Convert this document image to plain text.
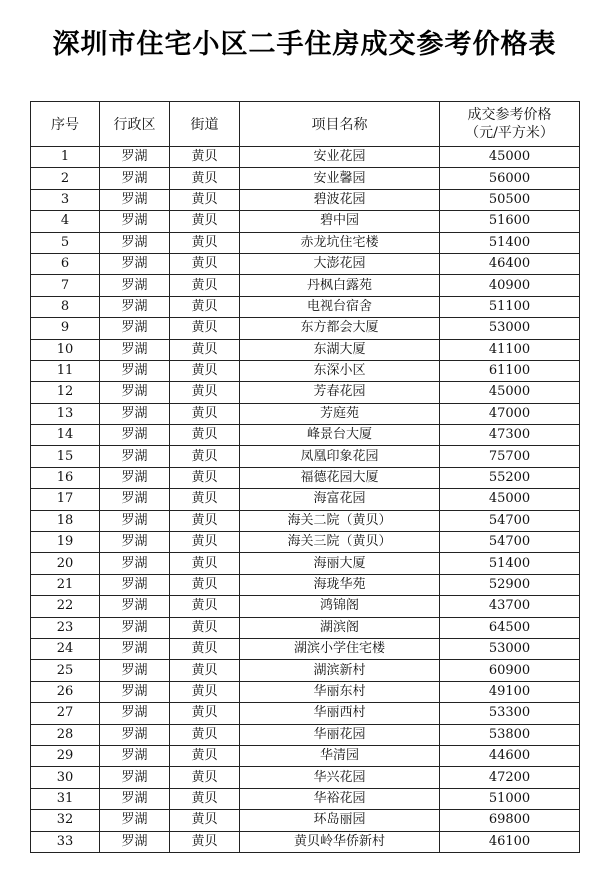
深圳市住宅小区二手住房成交参考价格表
序号	行政区	街道	项目名称	成交参考价格
（元/平方米）

1	罗湖	黄贝	安业花园	45000
2	罗湖	黄贝	安业馨园	56000
3	罗湖	黄贝	碧波花园	50500
4	罗湖	黄贝	碧中园	51600
5	罗湖	黄贝	赤龙坑住宅楼	51400
6	罗湖	黄贝	大澎花园	46400
7	罗湖	黄贝	丹枫白露苑	40900
8	罗湖	黄贝	电视台宿舍	51100
9	罗湖	黄贝	东方都会大厦	53000
10	罗湖	黄贝	东湖大厦	41100
11	罗湖	黄贝	东深小区	61100
12	罗湖	黄贝	芳春花园	45000
13	罗湖	黄贝	芳庭苑	47000
14	罗湖	黄贝	峰景台大厦	47300
15	罗湖	黄贝	凤凰印象花园	75700
16	罗湖	黄贝	福德花园大厦	55200
17	罗湖	黄贝	海富花园	45000
18	罗湖	黄贝	海关二院（黄贝）	54700
19	罗湖	黄贝	海关三院（黄贝）	54700
20	罗湖	黄贝	海丽大厦	51400
21	罗湖	黄贝	海珑华苑	52900
22	罗湖	黄贝	鸿锦阁	43700
23	罗湖	黄贝	湖滨阁	64500
24	罗湖	黄贝	湖滨小学住宅楼	53000
25	罗湖	黄贝	湖滨新村	60900
26	罗湖	黄贝	华丽东村	49100
27	罗湖	黄贝	华丽西村	53300
28	罗湖	黄贝	华丽花园	53800
29	罗湖	黄贝	华清园	44600
30	罗湖	黄贝	华兴花园	47200
31	罗湖	黄贝	华裕花园	51000
32	罗湖	黄贝	环岛丽园	69800
33	罗湖	黄贝	黄贝岭华侨新村	46100
